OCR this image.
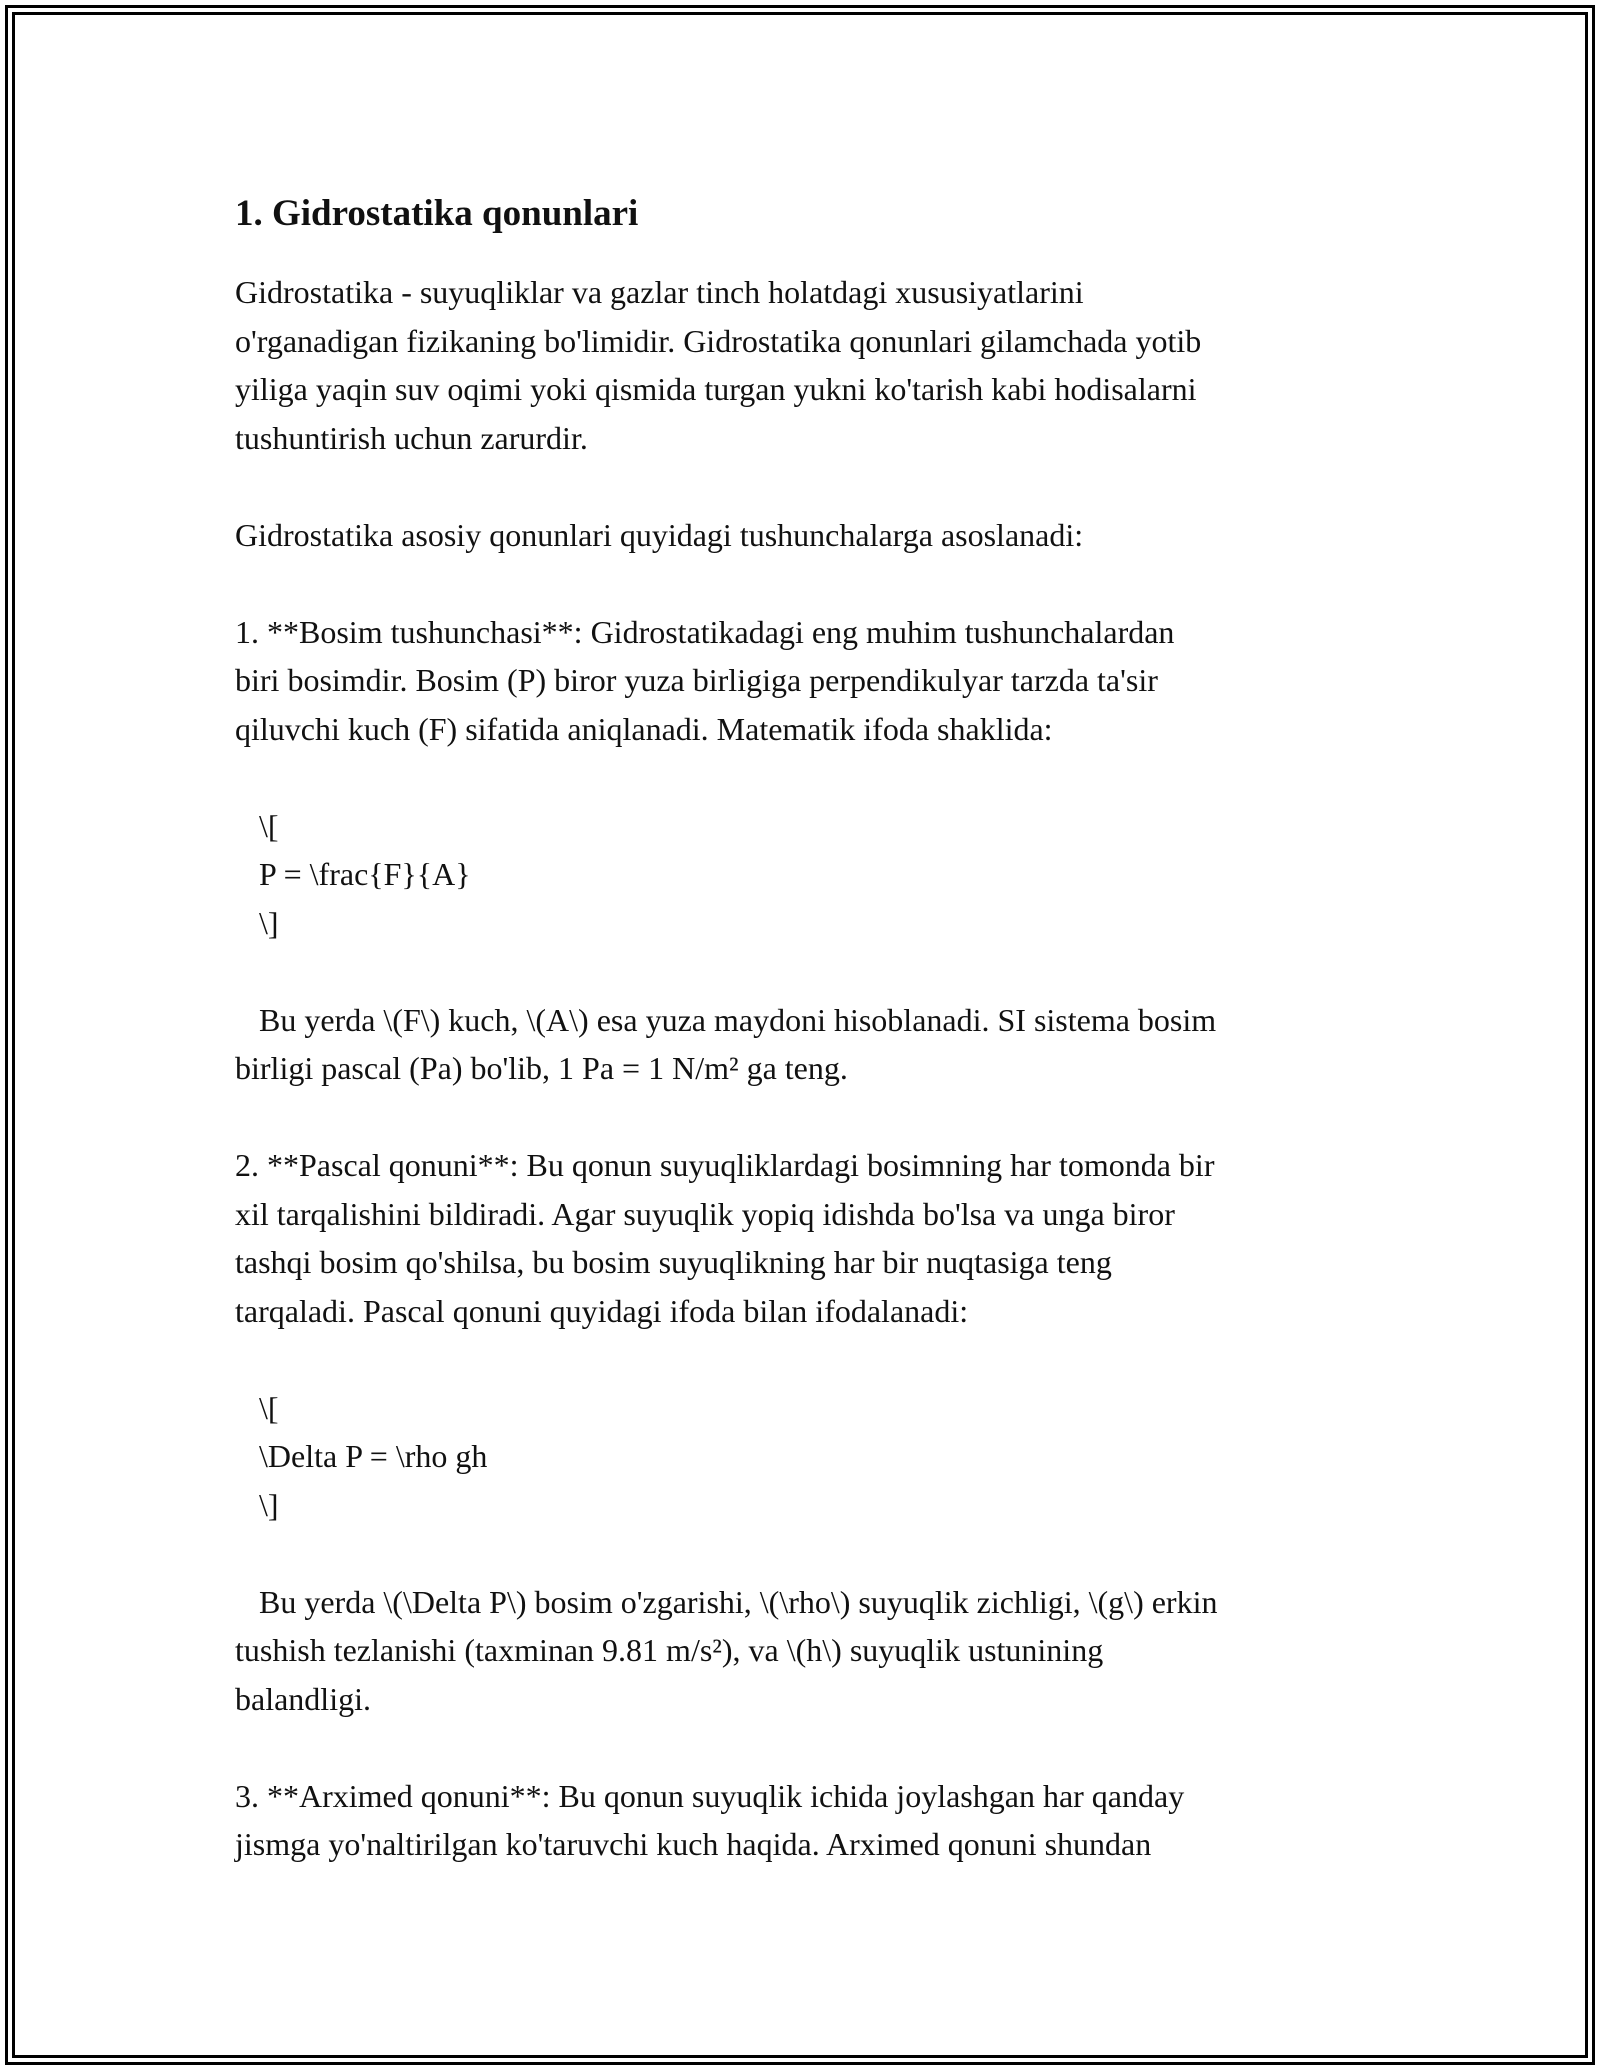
1. Gidrostatika qonunlari

Gidrostatika - suyuqliklar va gazlar tinch holatdagi xususiyatlarini
o'rganadigan fizikaning bo'limidir. Gidrostatika qonunlari gilamchada yotib
yiliga yaqin suv oqimi yoki qismida turgan yukni ko'tarish kabi hodisalarni
tushuntirish uchun zarurdir.

Gidrostatika asosiy qonunlari quyidagi tushunchalarga asoslanadi:

1. **Bosim tushunchasi**: Gidrostatikadagi eng muhim tushunchalardan
biri bosimdir. Bosim (P) biror yuza birligiga perpendikulyar tarzda ta'sir
qiluvchi kuch (F) sifatida aniqlanadi. Matematik ifoda shaklida:

\[
P = \frac{F}{A}
\]

Bu yerda \(F\) kuch, \(A\) esa yuza maydoni hisoblanadi. SI sistema bosim
birligi pascal (Pa) bo'lib, 1 Pa = 1 N/m² ga teng.

2. **Pascal qonuni**: Bu qonun suyuqliklardagi bosimning har tomonda bir
xil tarqalishini bildiradi. Agar suyuqlik yopiq idishda bo'lsa va unga biror
tashqi bosim qo'shilsa, bu bosim suyuqlikning har bir nuqtasiga teng
tarqaladi. Pascal qonuni quyidagi ifoda bilan ifodalanadi:

\[
\Delta P = \rho gh
\]

Bu yerda \(\Delta P\) bosim o'zgarishi, \(\rho\) suyuqlik zichligi, \(g\) erkin
tushish tezlanishi (taxminan 9.81 m/s²), va \(h\) suyuqlik ustunining
balandligi.

3. **Arximed qonuni**: Bu qonun suyuqlik ichida joylashgan har qanday
jismga yo'naltirilgan ko'taruvchi kuch haqida. Arximed qonuni shundan
